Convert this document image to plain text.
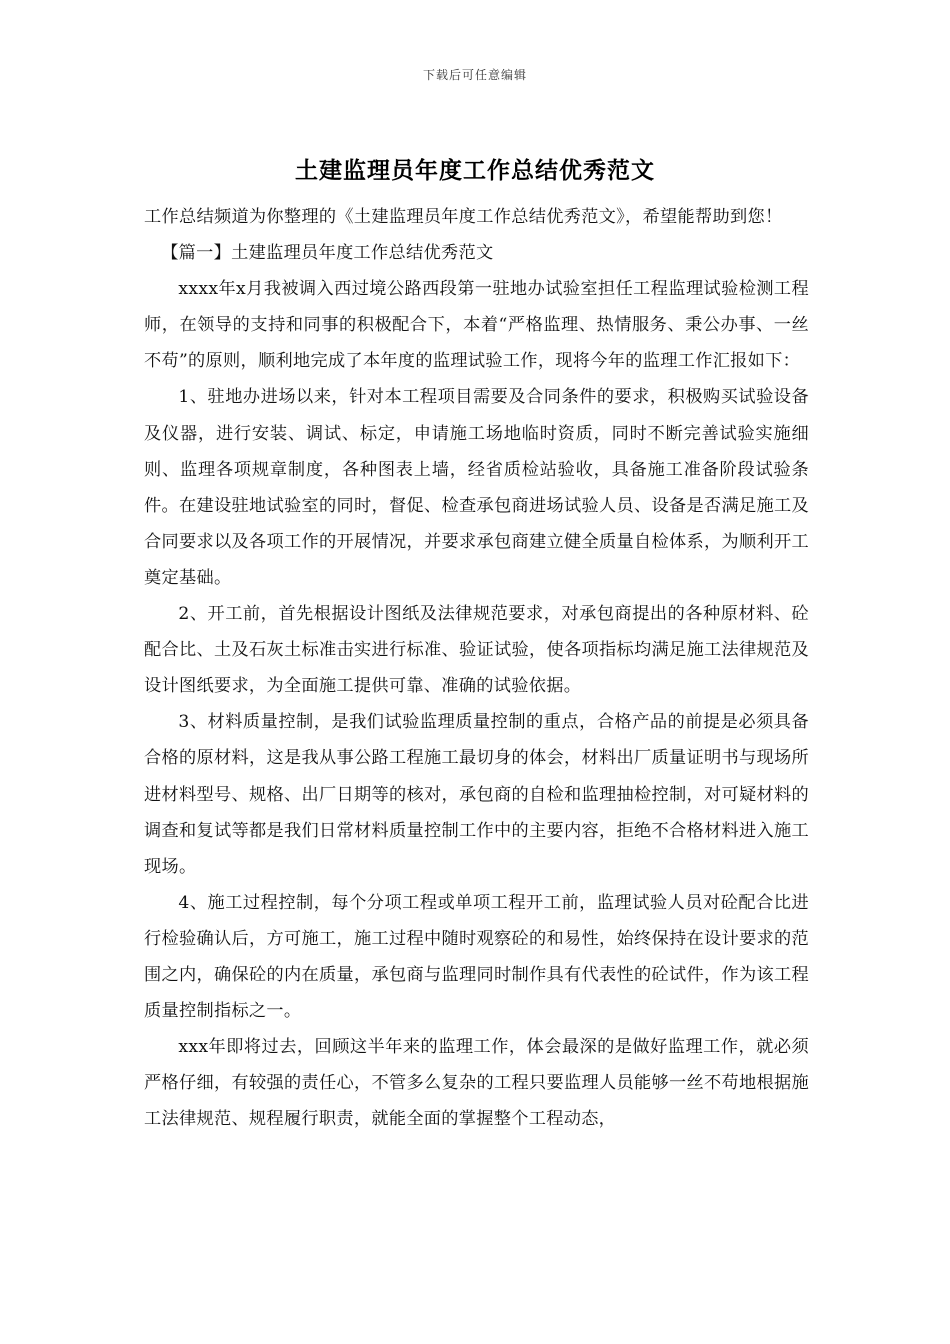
下载后可任意编辑
土建监理员年度工作总结优秀范文

工作总结频道为你整理的《土建监理员年度工作总结优秀范文》，希望能帮助到您！

【篇一】土建监理员年度工作总结优秀范文

xxxx年x月我被调入西过境公路西段第一驻地办试验室担任工程监理试验检测工程师，在领导的支持和同事的积极配合下，本着“严格监理、热情服务、秉公办事、一丝不苟”的原则，顺利地完成了本年度的监理试验工作，现将今年的监理工作汇报如下：

1、驻地办进场以来，针对本工程项目需要及合同条件的要求，积极购买试验设备及仪器，进行安装、调试、标定，申请施工场地临时资质，同时不断完善试验实施细则、监理各项规章制度，各种图表上墙，经省质检站验收，具备施工准备阶段试验条件。在建设驻地试验室的同时，督促、检查承包商进场试验人员、设备是否满足施工及合同要求以及各项工作的开展情况，并要求承包商建立健全质量自检体系，为顺利开工奠定基础。

2、开工前，首先根据设计图纸及法律规范要求，对承包商提出的各种原材料、砼配合比、土及石灰土标准击实进行标准、验证试验，使各项指标均满足施工法律规范及设计图纸要求，为全面施工提供可靠、准确的试验依据。

3、材料质量控制，是我们试验监理质量控制的重点，合格产品的前提是必须具备合格的原材料，这是我从事公路工程施工最切身的体会，材料出厂质量证明书与现场所进材料型号、规格、出厂日期等的核对，承包商的自检和监理抽检控制，对可疑材料的调查和复试等都是我们日常材料质量控制工作中的主要内容，拒绝不合格材料进入施工现场。

4、施工过程控制，每个分项工程或单项工程开工前，监理试验人员对砼配合比进行检验确认后，方可施工，施工过程中随时观察砼的和易性，始终保持在设计要求的范围之内，确保砼的内在质量，承包商与监理同时制作具有代表性的砼试件，作为该工程质量控制指标之一。

xxx年即将过去，回顾这半年来的监理工作，体会最深的是做好监理工作，就必须严格仔细，有较强的责任心，不管多么复杂的工程只要监理人员能够一丝不苟地根据施工法律规范、规程履行职责，就能全面的掌握整个工程动态，
